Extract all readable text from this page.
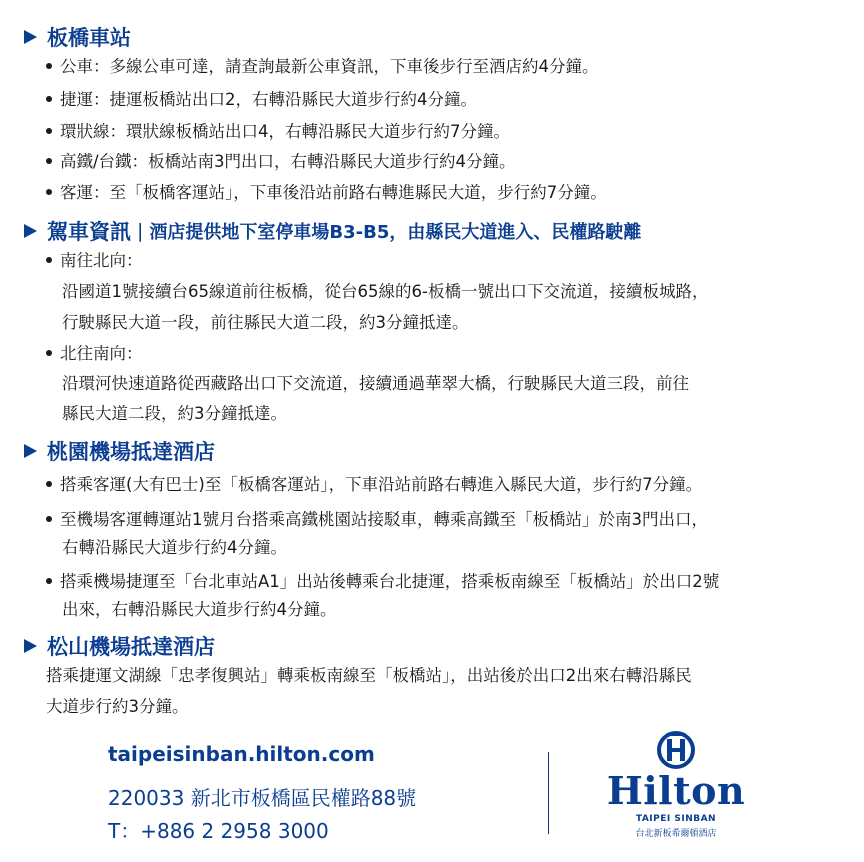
板橋車站
公車：多線公車可達，請查詢最新公車資訊，下車後步行至酒店約4分鐘。
捷運：捷運板橋站出口2，右轉沿縣民大道步行約4分鐘。
環狀線：環狀線板橋站出口4，右轉沿縣民大道步行約7分鐘。
高鐵/台鐵：板橋站南3門出口，右轉沿縣民大道步行約4分鐘。
客運：至「板橋客運站」，下車後沿站前路右轉進縣民大道，步行約7分鐘。
駕車資訊 | 酒店提供地下室停車場B3-B5，由縣民大道進入、民權路駛離
南往北向：
沿國道1號接續台65線道前往板橋，從台65線的6-板橋一號出口下交流道，接續板城路，
行駛縣民大道一段，前往縣民大道二段，約3分鐘抵達。
北往南向：
沿環河快速道路從西藏路出口下交流道，接續通過華翠大橋，行駛縣民大道三段，前往
縣民大道二段，約3分鐘抵達。
桃園機場抵達酒店
搭乘客運(大有巴士)至「板橋客運站」，下車沿站前路右轉進入縣民大道，步行約7分鐘。
至機場客運轉運站1號月台搭乘高鐵桃園站接駁車，轉乘高鐵至「板橋站」於南3門出口，
右轉沿縣民大道步行約4分鐘。
搭乘機場捷運至「台北車站A1」出站後轉乘台北捷運，搭乘板南線至「板橋站」於出口2號
出來，右轉沿縣民大道步行約4分鐘。
松山機場抵達酒店
搭乘捷運文湖線「忠孝復興站」轉乘板南線至「板橋站」，出站後於出口2出來右轉沿縣民
大道步行約3分鐘。
taipeisinban.hilton.com
220033 新北市板橋區民權路88號
T：+886 2 2958 3000
Hilton
TAIPEI SINBAN
台北新板希爾頓酒店
